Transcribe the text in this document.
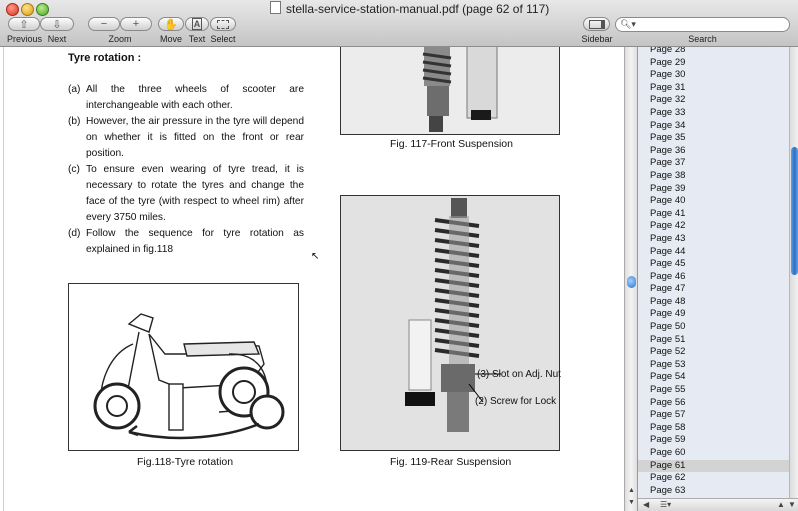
stella-service-station-manual.pdf (page 62 of 117)
⇧ ⇩
Previous Next
− +
Zoom
✋ A
Move Text Select	Sidebar
🔍︎▾
Search
Tyre rotation :
(a) All the three wheels of scooter are interchangeable with each other.
(b) However, the air pressure in the tyre will depend on whether it is fitted on the front or rear position.
(c) To ensure even wearing of tyre tread, it is necessary to rotate the tyres and change the face of the tyre (with respect to wheel rim) after every 3750 miles.
(d) Follow the sequence for tyre rotation as explained in fig.118
Fig. 117-Front Suspension
↖
Fig.118-Tyre rotation
(3) Slot on Adj. Nut
(2) Screw for Lock
Fig. 119-Rear Suspension
▲
▼
Page 28
Page 29
Page 30
Page 31
Page 32
Page 33
Page 34
Page 35
Page 36
Page 37
Page 38
Page 39
Page 40
Page 41
Page 42
Page 43
Page 44
Page 45
Page 46
Page 47
Page 48
Page 49
Page 50
Page 51
Page 52
Page 53
Page 54
Page 55
Page 56
Page 57
Page 58
Page 59
Page 60
Page 61
Page 62
Page 63
◀ ☰▾	▲ ▼
